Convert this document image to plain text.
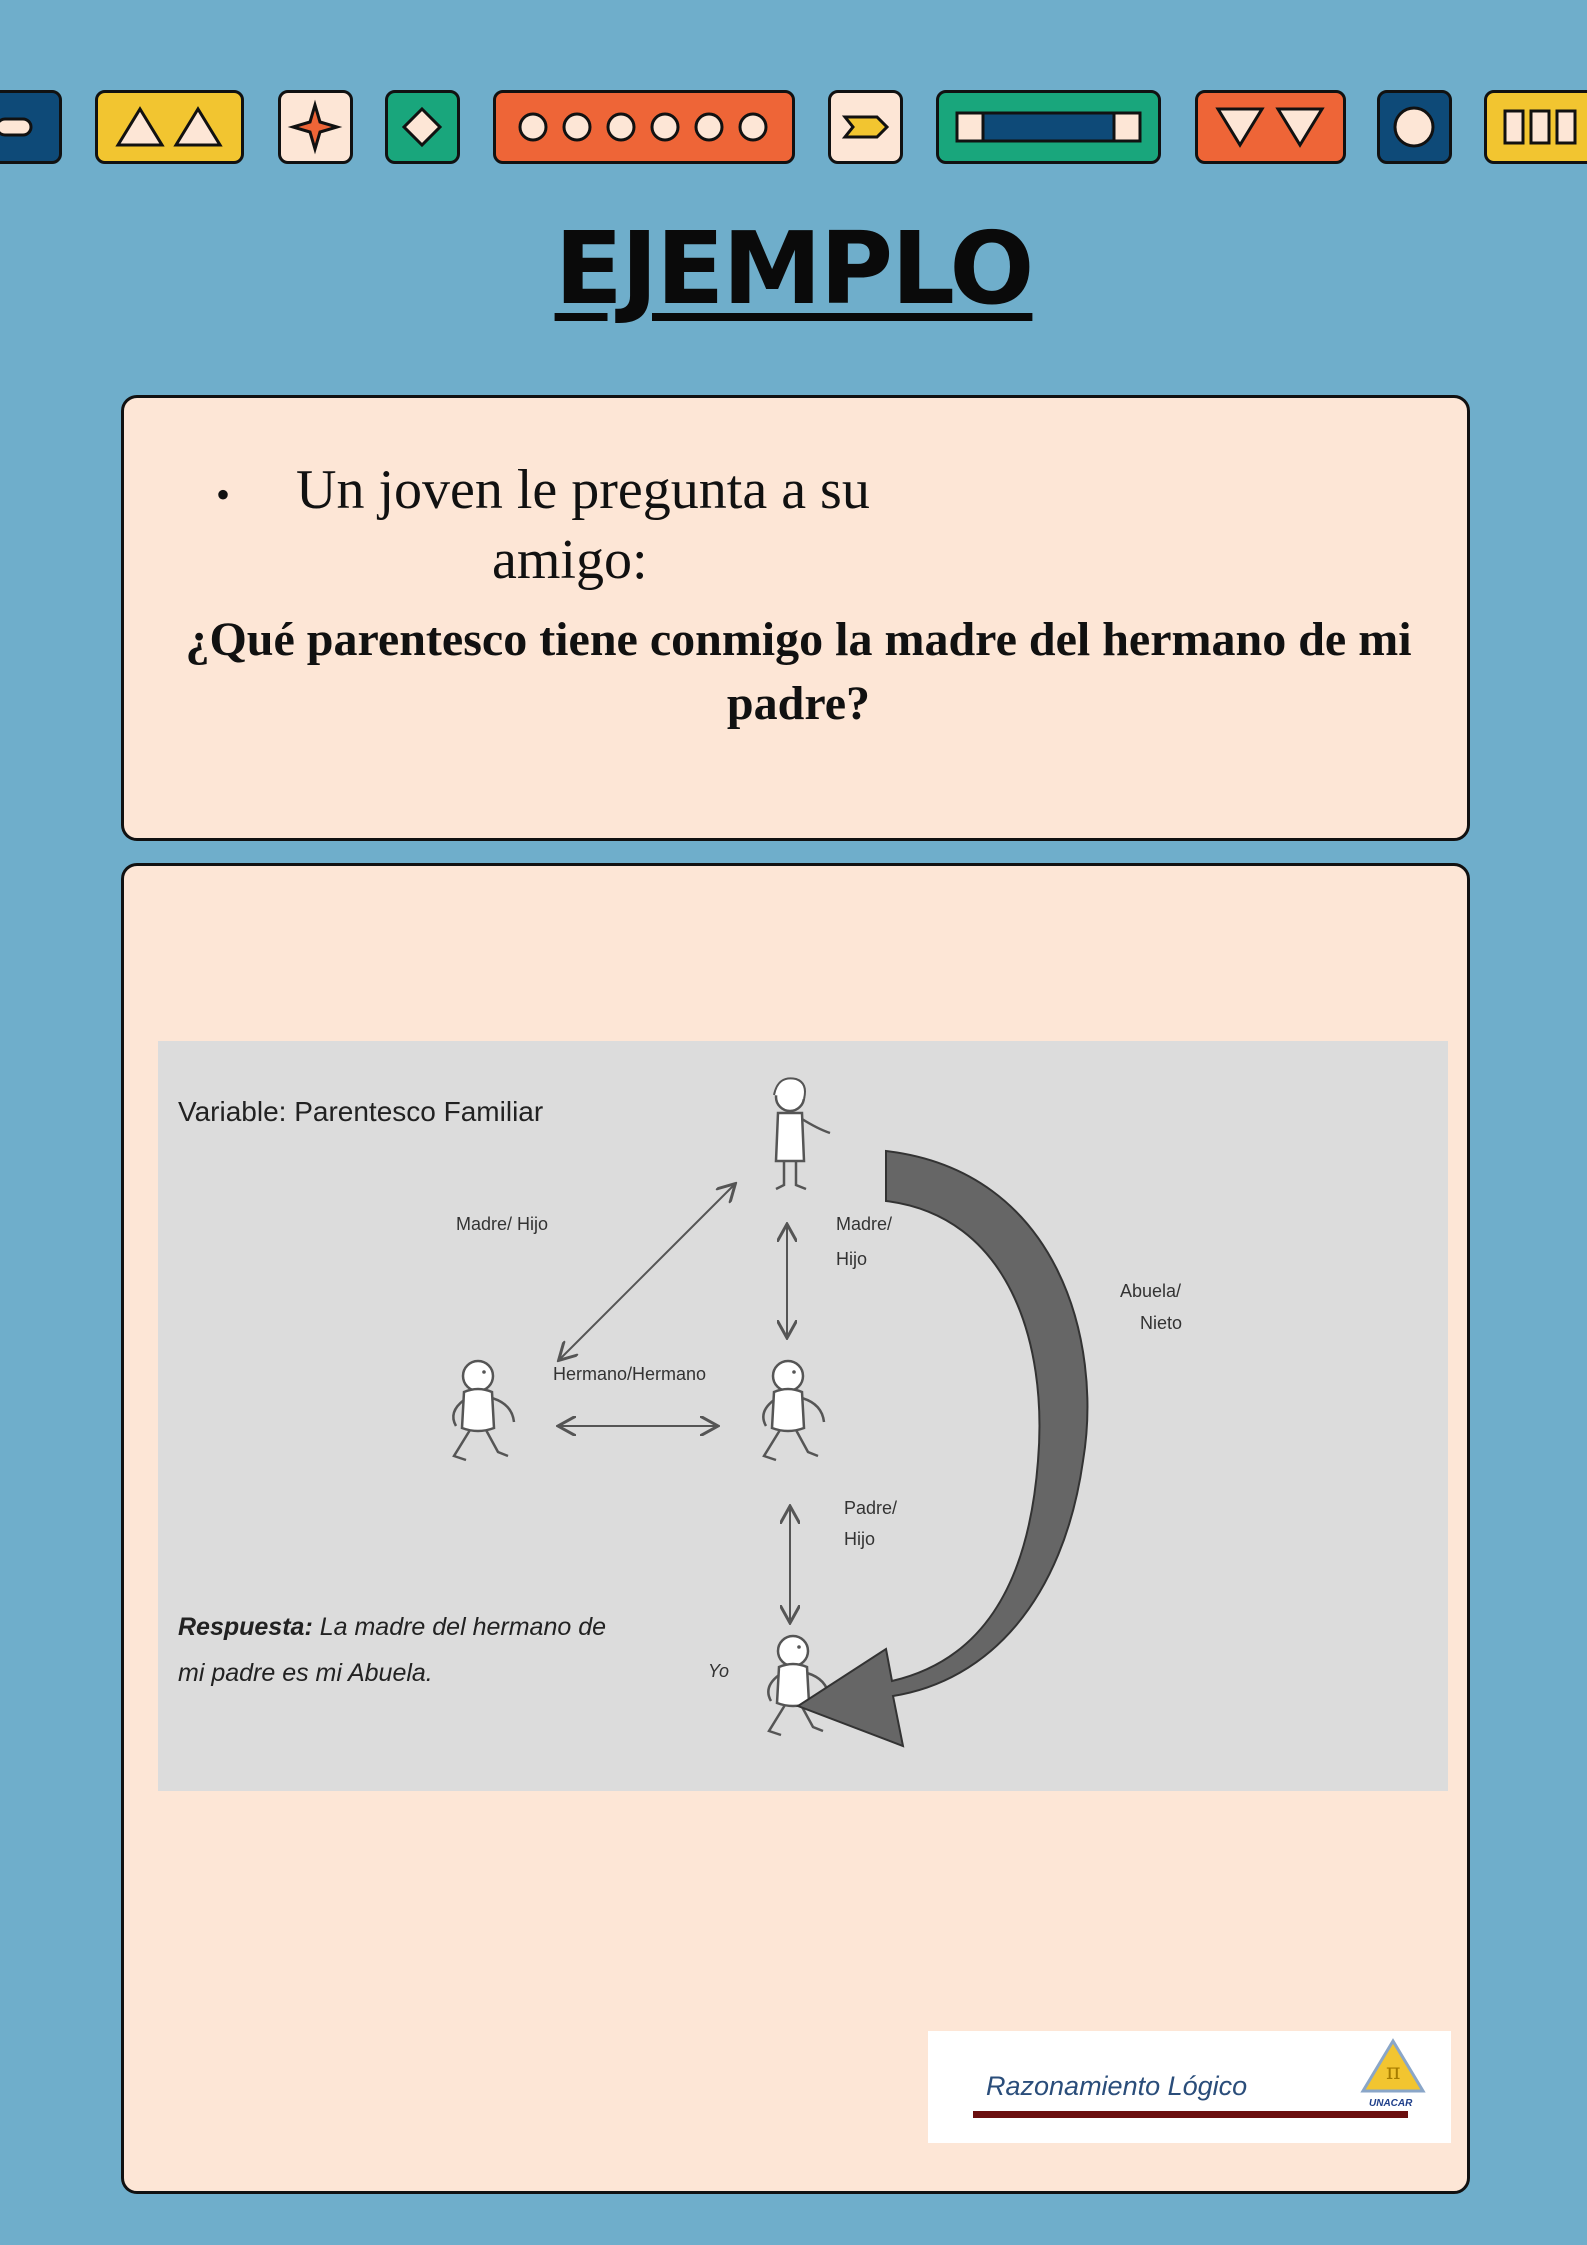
EJEMPLO
• Un joven le pregunta a su
amigo:
¿Qué parentesco tiene conmigo la madre del hermano de mi padre?
Variable: Parentesco Familiar
Madre/ Hijo	Madre/
Hijo
Abuela/
Nieto
Hermano/Hermano
Padre/
Hijo
Yo
Respuesta: La madre del hermano de
mi padre es mi Abuela.
Razonamiento Lógico	π
UNACAR
